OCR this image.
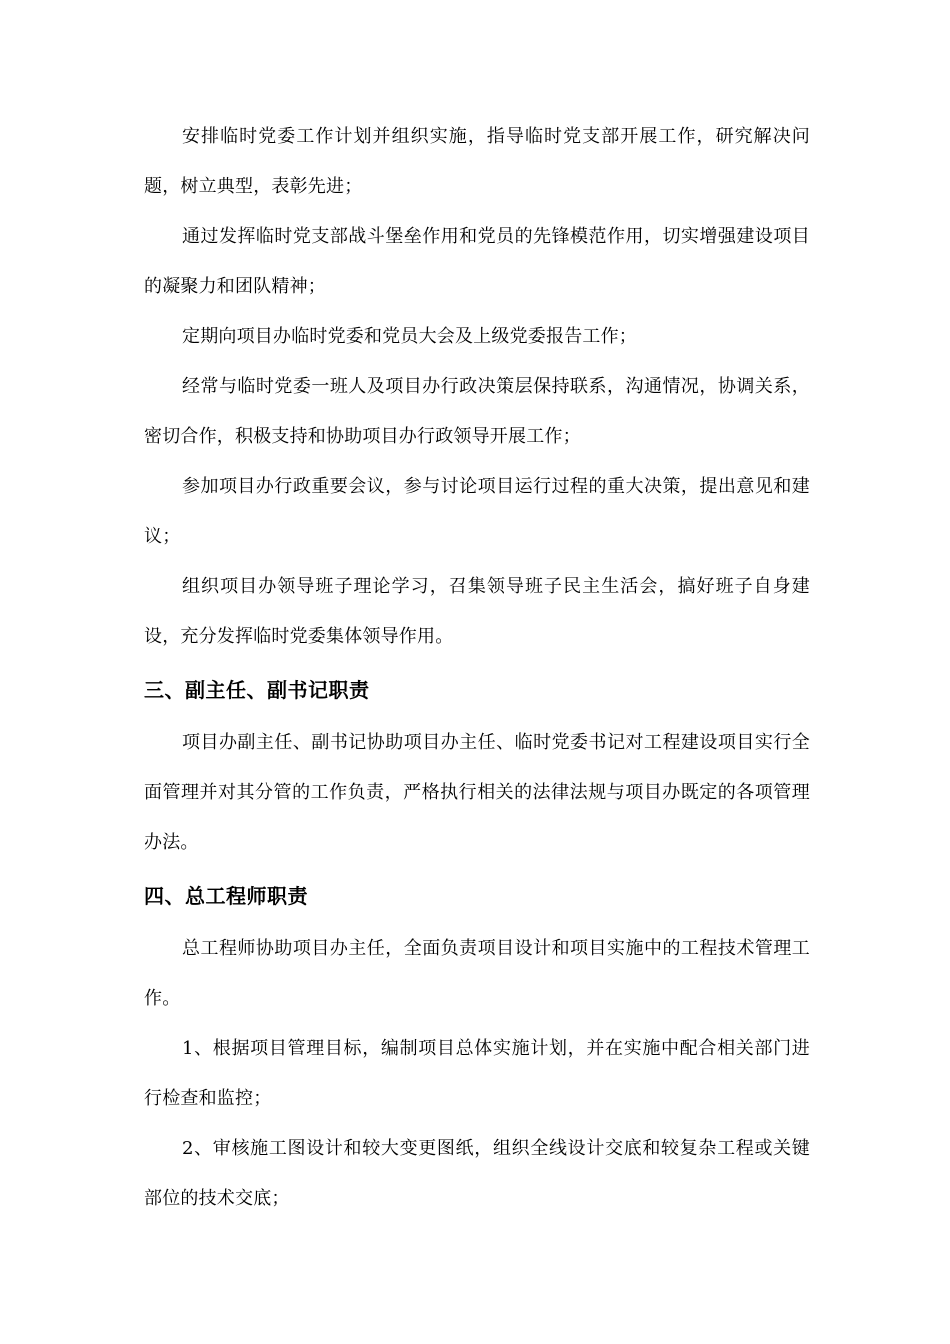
安排临时党委工作计划并组织实施，指导临时党支部开展工作，研究解决问题，树立典型，表彰先进；

通过发挥临时党支部战斗堡垒作用和党员的先锋模范作用，切实增强建设项目的凝聚力和团队精神；

定期向项目办临时党委和党员大会及上级党委报告工作；

经常与临时党委一班人及项目办行政决策层保持联系，沟通情况，协调关系，密切合作，积极支持和协助项目办行政领导开展工作；

参加项目办行政重要会议，参与讨论项目运行过程的重大决策，提出意见和建议；

组织项目办领导班子理论学习，召集领导班子民主生活会，搞好班子自身建设，充分发挥临时党委集体领导作用。

三、副主任、副书记职责

项目办副主任、副书记协助项目办主任、临时党委书记对工程建设项目实行全面管理并对其分管的工作负责，严格执行相关的法律法规与项目办既定的各项管理办法。

四、总工程师职责

总工程师协助项目办主任，全面负责项目设计和项目实施中的工程技术管理工作。

1、根据项目管理目标，编制项目总体实施计划，并在实施中配合相关部门进行检查和监控；

2、审核施工图设计和较大变更图纸，组织全线设计交底和较复杂工程或关键部位的技术交底；
